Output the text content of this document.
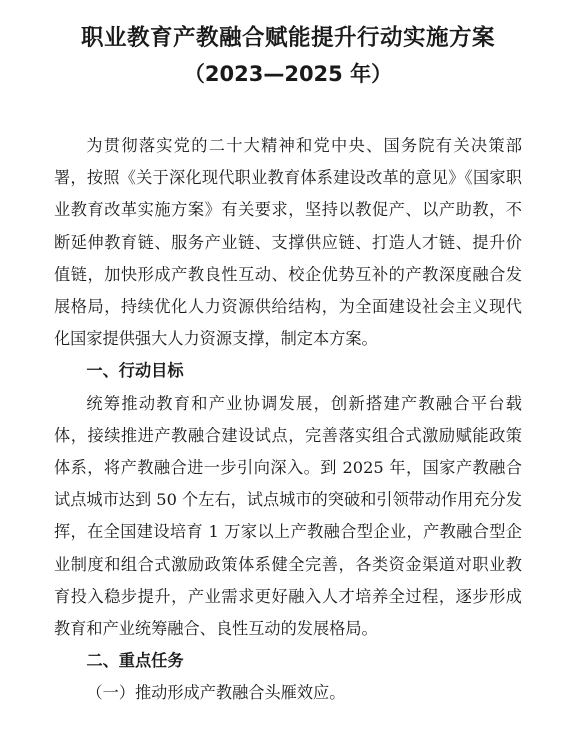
职业教育产教融合赋能提升行动实施方案
（2023—2025 年）

为贯彻落实党的二十大精神和党中央、国务院有关决策部署，按照《关于深化现代职业教育体系建设改革的意见》《国家职业教育改革实施方案》有关要求，坚持以教促产、以产助教，不断延伸教育链、服务产业链、支撑供应链、打造人才链、提升价值链，加快形成产教良性互动、校企优势互补的产教深度融合发展格局，持续优化人力资源供给结构，为全面建设社会主义现代化国家提供强大人力资源支撑，制定本方案。

一、行动目标

统筹推动教育和产业协调发展，创新搭建产教融合平台载体，接续推进产教融合建设试点，完善落实组合式激励赋能政策体系，将产教融合进一步引向深入。到 2025 年，国家产教融合试点城市达到 50 个左右，试点城市的突破和引领带动作用充分发挥，在全国建设培育 1 万家以上产教融合型企业，产教融合型企业制度和组合式激励政策体系健全完善，各类资金渠道对职业教育投入稳步提升，产业需求更好融入人才培养全过程，逐步形成教育和产业统筹融合、良性互动的发展格局。

二、重点任务
（一）推动形成产教融合头雁效应。
